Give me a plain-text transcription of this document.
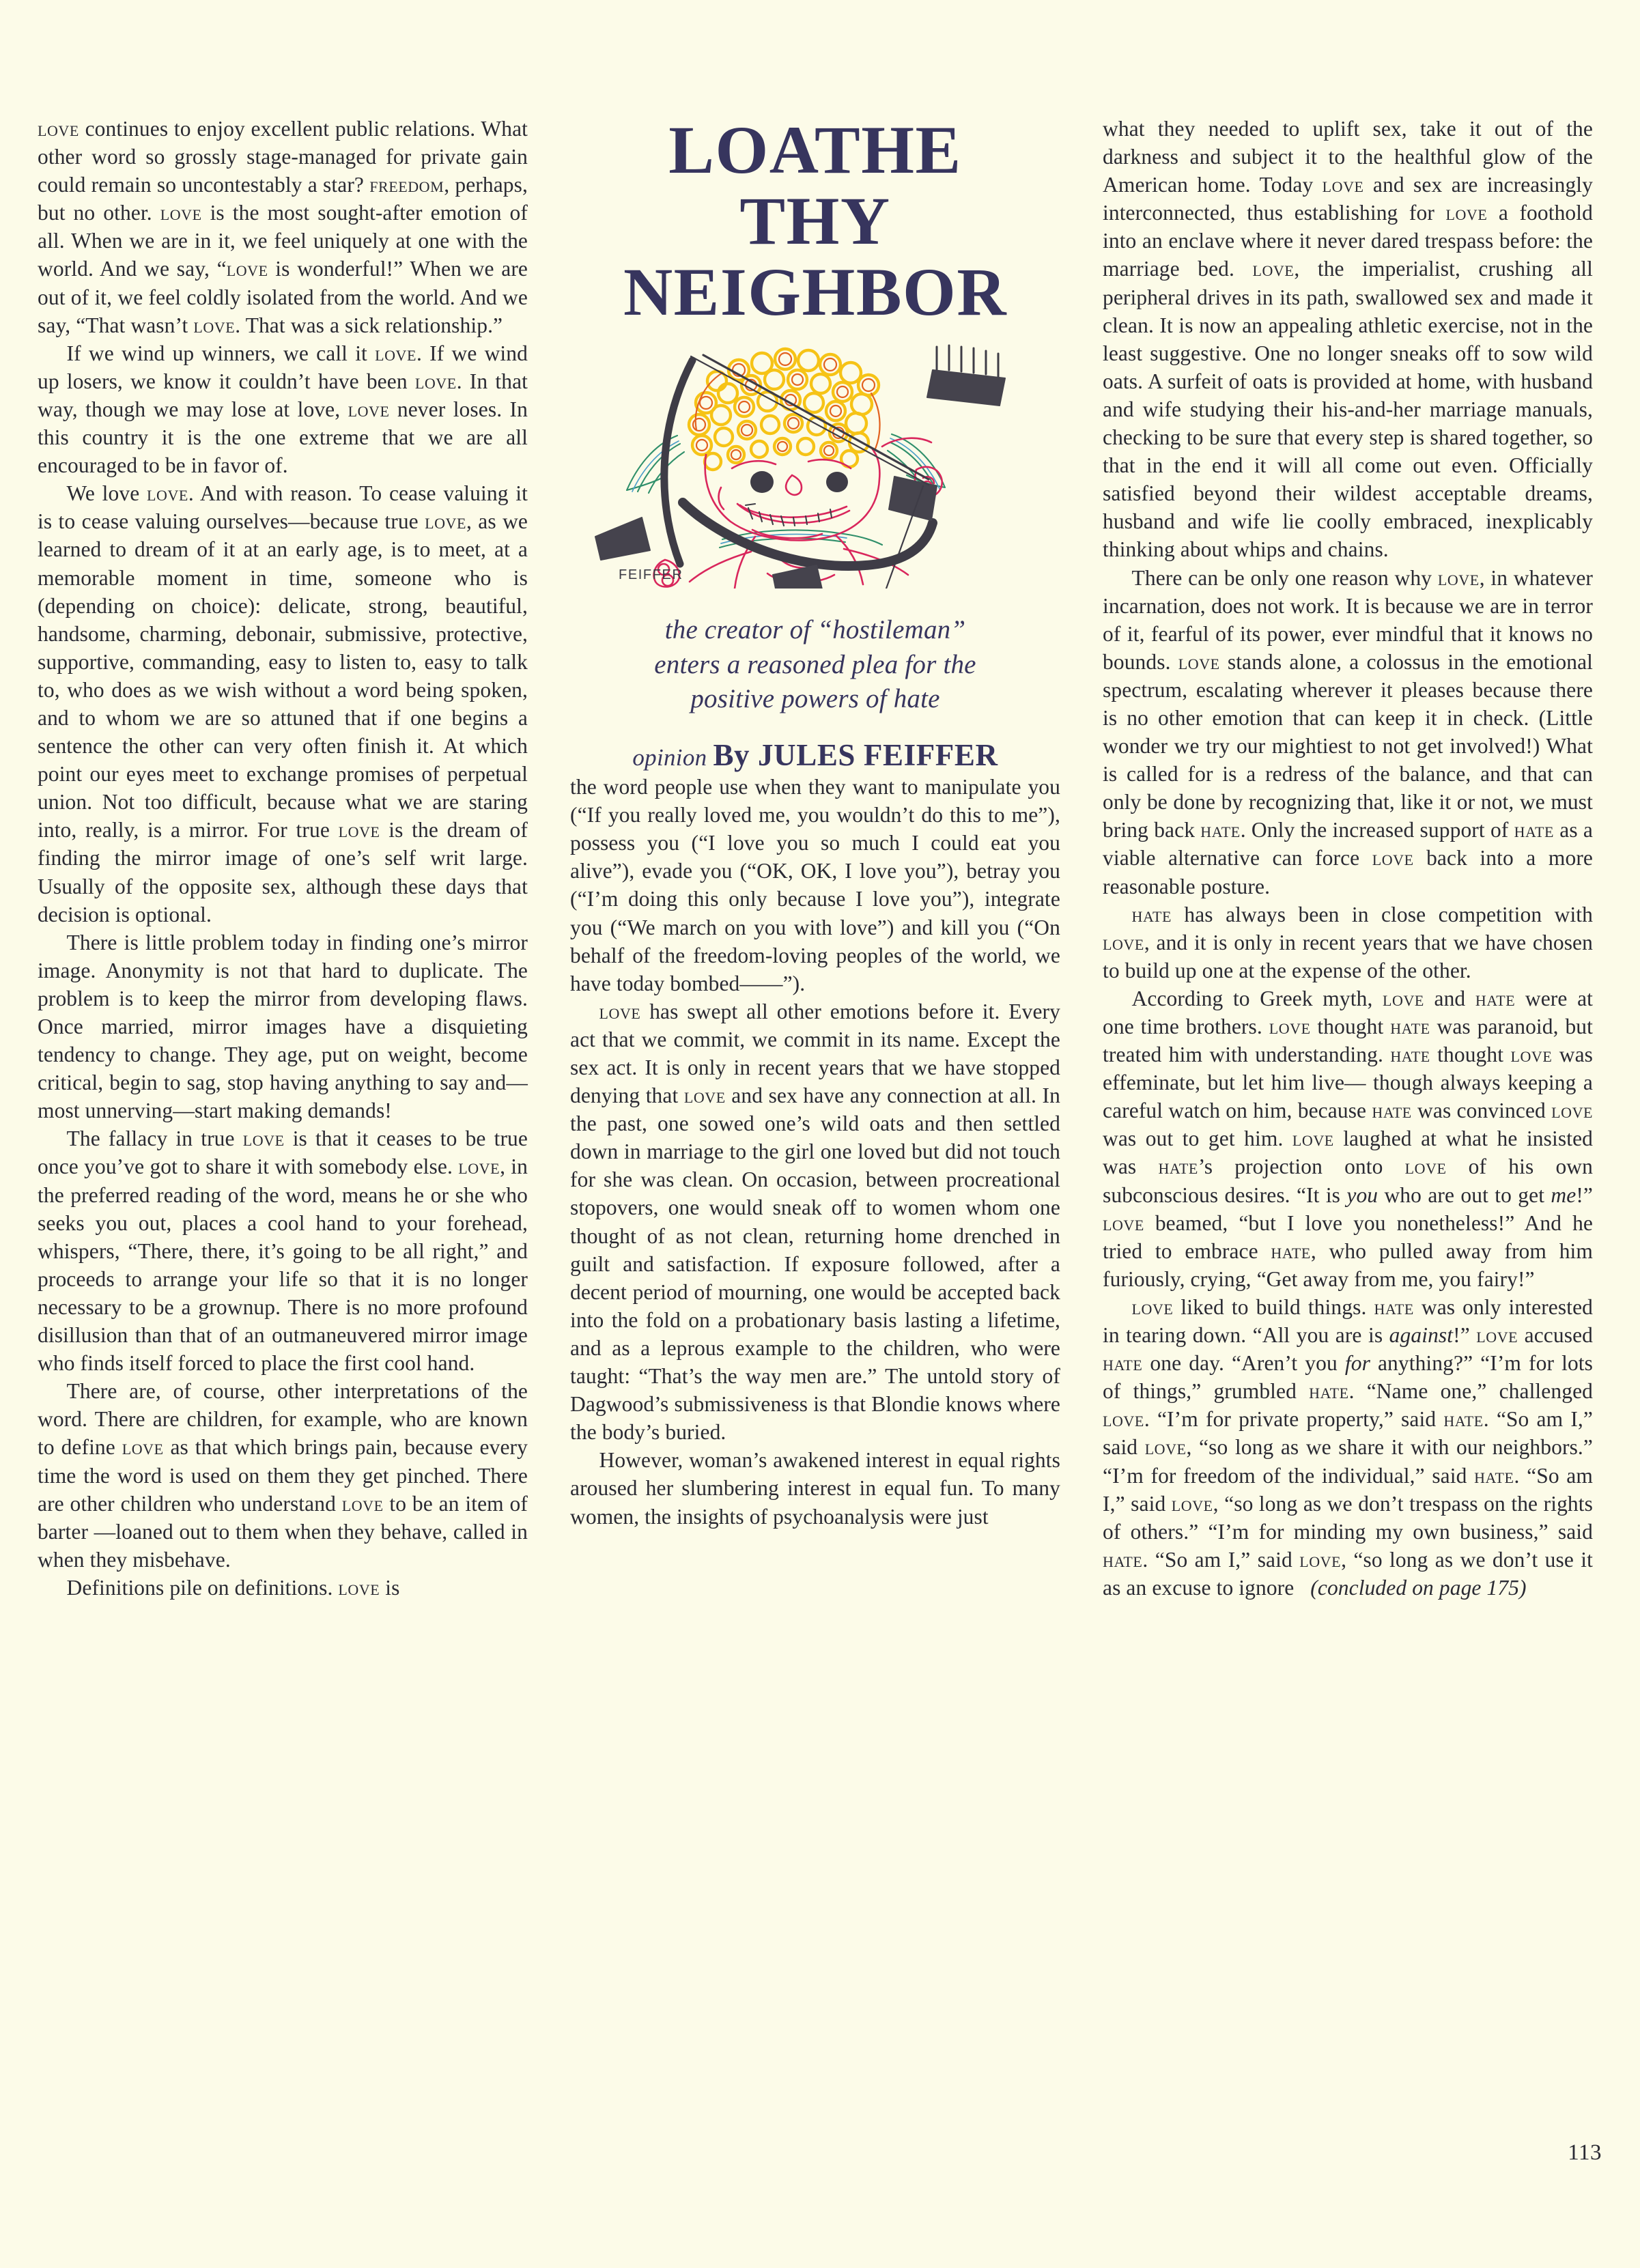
love continues to enjoy excellent public relations. What other word so grossly stage-managed for private gain could remain so uncontestably a star? freedom, perhaps, but no other. love is the most sought-after emotion of all. When we are in it, we feel uniquely at one with the world. And we say, “love is wonderful!” When we are out of it, we feel coldly isolated from the world. And we say, “That wasn’t love. That was a sick relationship.”

If we wind up winners, we call it love. If we wind up losers, we know it couldn’t have been love. In that way, though we may lose at love, love never loses. In this country it is the one extreme that we are all encouraged to be in favor of.

We love love. And with reason. To cease valuing it is to cease valuing ourselves—because true love, as we learned to dream of it at an early age, is to meet, at a memorable moment in time, someone who is (depending on choice): delicate, strong, beautiful, handsome, charming, debonair, submissive, protective, supportive, commanding, easy to listen to, easy to talk to, who does as we wish without a word being spoken, and to whom we are so attuned that if one begins a sentence the other can very often finish it. At which point our eyes meet to exchange promises of perpetual union. Not too difficult, because what we are staring into, really, is a mirror. For true love is the dream of finding the mirror image of one’s self writ large. Usually of the opposite sex, although these days that decision is optional.

There is little problem today in finding one’s mirror image. Anonymity is not that hard to duplicate. The problem is to keep the mirror from developing flaws. Once married, mirror images have a disquieting tendency to change. They age, put on weight, become critical, begin to sag, stop having anything to say and—most unnerving—start making demands!

The fallacy in true love is that it ceases to be true once you’ve got to share it with somebody else. love, in the preferred reading of the word, means he or she who seeks you out, places a cool hand to your forehead, whispers, “There, there, it’s going to be all right,” and proceeds to arrange your life so that it is no longer necessary to be a grownup. There is no more profound disillusion than that of an outmaneuvered mirror image who finds itself forced to place the first cool hand.

There are, of course, other interpretations of the word. There are children, for example, who are known to define love as that which brings pain, because every time the word is used on them they get pinched. There are other children who understand love to be an item of barter —loaned out to them when they behave, called in when they misbehave.

Definitions pile on definitions. love is

LOATHE
THY
NEIGHBOR
FEIFFER
the creator of “hostileman”
enters a reasoned plea for the
positive powers of hate
opinion By JULES FEIFFER

the word people use when they want to manipulate you (“If you really loved me, you wouldn’t do this to me”), possess you (“I love you so much I could eat you alive”), evade you (“OK, OK, I love you”), betray you (“I’m doing this only because I love you”), integrate you (“We march on you with love”) and kill you (“On behalf of the freedom-loving peoples of the world, we have today bombed——”).

love has swept all other emotions before it. Every act that we commit, we commit in its name. Except the sex act. It is only in recent years that we have stopped denying that love and sex have any connection at all. In the past, one sowed one’s wild oats and then settled down in marriage to the girl one loved but did not touch for she was clean. On occasion, between procreational stopovers, one would sneak off to women whom one thought of as not clean, returning home drenched in guilt and satisfaction. If exposure followed, after a decent period of mourning, one would be accepted back into the fold on a probationary basis lasting a lifetime, and as a leprous example to the children, who were taught: “That’s the way men are.” The untold story of Dagwood’s submissiveness is that Blondie knows where the body’s buried.

However, woman’s awakened interest in equal rights aroused her slumbering interest in equal fun. To many women, the insights of psychoanalysis were just

what they needed to uplift sex, take it out of the darkness and subject it to the healthful glow of the American home. Today love and sex are increasingly interconnected, thus establishing for love a foothold into an enclave where it never dared trespass before: the marriage bed. love, the imperialist, crushing all peripheral drives in its path, swallowed sex and made it clean. It is now an appealing athletic exercise, not in the least suggestive. One no longer sneaks off to sow wild oats. A surfeit of oats is provided at home, with husband and wife studying their his-and-her marriage manuals, checking to be sure that every step is shared together, so that in the end it will all come out even. Officially satisfied beyond their wildest acceptable dreams, husband and wife lie coolly embraced, inexplicably thinking about whips and chains.

There can be only one reason why love, in whatever incarnation, does not work. It is because we are in terror of it, fearful of its power, ever mindful that it knows no bounds. love stands alone, a colossus in the emotional spectrum, escalating wherever it pleases because there is no other emotion that can keep it in check. (Little wonder we try our mightiest to not get involved!) What is called for is a redress of the balance, and that can only be done by recognizing that, like it or not, we must bring back hate. Only the increased support of hate as a viable alternative can force love back into a more reasonable posture.

hate has always been in close competition with love, and it is only in recent years that we have chosen to build up one at the expense of the other.

According to Greek myth, love and hate were at one time brothers. love thought hate was paranoid, but treated him with understanding. hate thought love was effeminate, but let him live— though always keeping a careful watch on him, because hate was convinced love was out to get him. love laughed at what he insisted was hate’s projection onto love of his own subconscious desires. “It is you who are out to get me!” love beamed, “but I love you nonetheless!” And he tried to embrace hate, who pulled away from him furiously, crying, “Get away from me, you fairy!”

love liked to build things. hate was only interested in tearing down. “All you are is against!” love accused hate one day. “Aren’t you for anything?” “I’m for lots of things,” grumbled hate. “Name one,” challenged love. “I’m for private property,” said hate. “So am I,” said love, “so long as we share it with our neighbors.” “I’m for freedom of the individual,” said hate. “So am I,” said love, “so long as we don’t trespass on the rights of others.” “I’m for minding my own business,” said hate. “So am I,” said love, “so long as we don’t use it as an excuse to ignore   (concluded on page 175)

113
